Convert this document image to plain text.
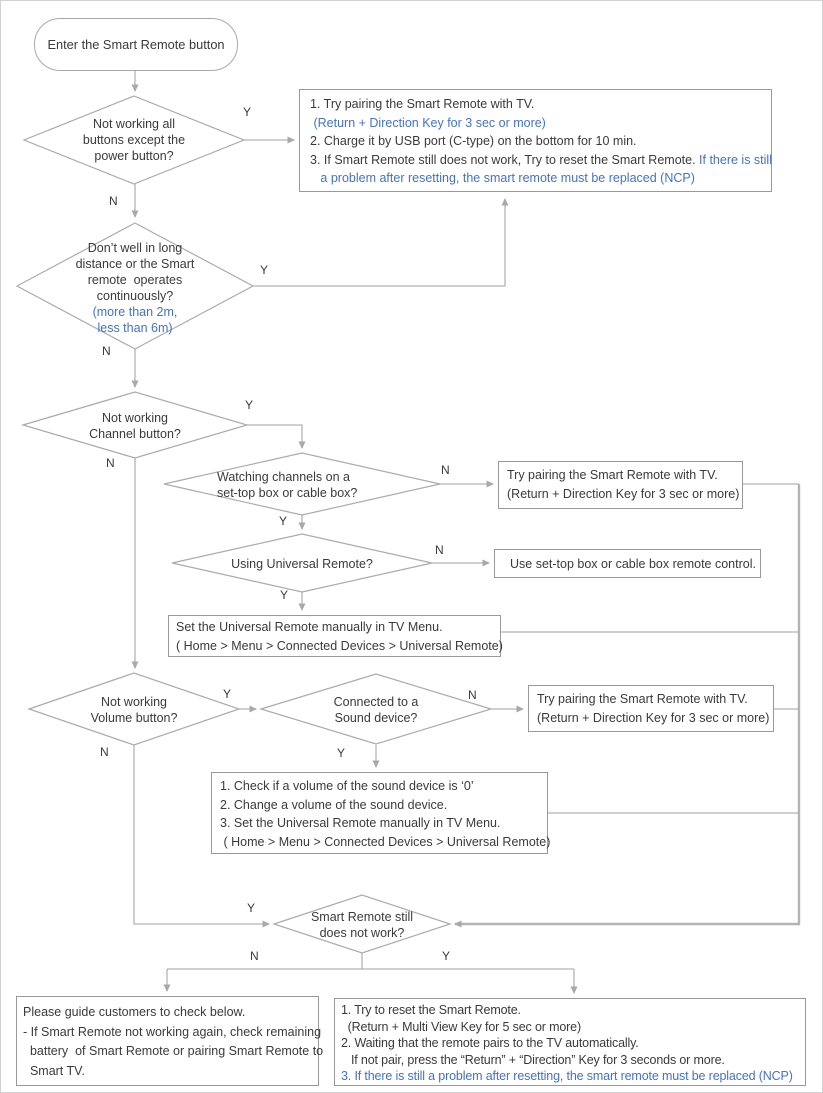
Enter the Smart Remote button
Not working all
buttons except the
power button?
Don’t well in long
distance or the Smart
remote  operates
continuously?
(more than 2m,
less than 6m)
Not working
Channel button?
Watching channels on a
set-top box or cable box?
Using Universal Remote?
Not working
Volume button?
Connected to a
Sound device?
Smart Remote still
does not work?
1. Try pairing the Smart Remote with TV.
(Return + Direction Key for 3 sec or more)
2. Charge it by USB port (C-type) on the bottom for 10 min.
3. If Smart Remote still does not work, Try to reset the Smart Remote. If there is still
a problem after resetting, the smart remote must be replaced (NCP)
Try pairing the Smart Remote with TV.
(Return + Direction Key for 3 sec or more)
Use set-top box or cable box remote control.
Set the Universal Remote manually in TV Menu.
( Home > Menu > Connected Devices > Universal Remote)
Try pairing the Smart Remote with TV.
(Return + Direction Key for 3 sec or more)
1. Check if a volume of the sound device is ‘0’
2. Change a volume of the sound device.
3. Set the Universal Remote manually in TV Menu.
( Home > Menu > Connected Devices > Universal Remote)
Please guide customers to check below.
- If Smart Remote not working again, check remaining
battery  of Smart Remote or pairing Smart Remote to
Smart TV.
1. Try to reset the Smart Remote.
(Return + Multi View Key for 5 sec or more)
2. Waiting that the remote pairs to the TV automatically.
If not pair, press the “Return” + “Direction” Key for 3 seconds or more.
3. If there is still a problem after resetting, the smart remote must be replaced (NCP)
Y
N
Y
N
Y
N	N
Y
N
Y
Y
N
N
Y
Y
N	Y
